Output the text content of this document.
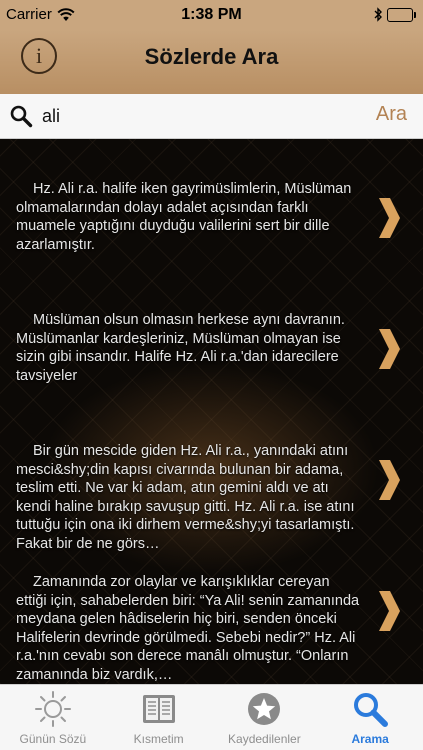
Carrier	1:38 PM
i	Sözlerde Ara
ali
Ara
Hz. Ali r.a. halife iken gayrimüslimlerin, Müslüman olmamalarından dolayı adalet açısından farklı muamele yaptığını duyduğu valilerini sert bir dille azarlamıştır.
Müslüman olsun olmasın herkese aynı davranın. Müslümanlar kardeşleriniz, Müslüman olmayan ise sizin gibi insandır. Halife Hz. Ali r.a.'dan idarecilere tavsiyeler
Bir gün mescide giden Hz. Ali r.a., yanındaki atını mesci&shy;din kapısı civarında bulunan bir adama, teslim etti. Ne var ki adam, atın gemini aldı ve atı kendi haline bırakıp savuşup gitti. Hz. Ali r.a. ise atını tuttuğu için ona iki dirhem verme&shy;yi tasarlamıştı. Fakat bir de ne görs…
Zamanında zor olaylar ve karışıklıklar cereyan ettiği için, sahabelerden biri: “Ya Ali! senin zamanında meydana gelen hâdiselerin hiç biri, senden önceki Halifelerin devrinde görülmedi. Sebebi nedir?” Hz. Ali r.a.'nın cevabı son derece manâlı olmuştur. “Onların zamanında biz vardık,…
Günün Sözü	Kısmetim	Kaydedilenler	Arama
